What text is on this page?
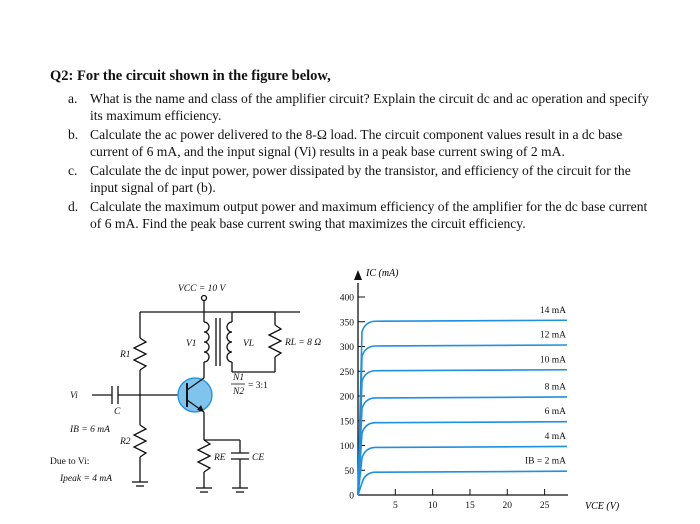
Q2: For the circuit shown in the figure below,
a. What is the name and class of the amplifier circuit? Explain the circuit dc and ac operation and specify its maximum efficiency.
b. Calculate the ac power delivered to the 8-Ω load. The circuit component values result in a dc base current of 6 mA, and the input signal (Vi) results in a peak base current swing of 2 mA.
c. Calculate the dc input power, power dissipated by the transistor, and efficiency of the circuit for the input signal of part (b).
d. Calculate the maximum output power and maximum efficiency of the amplifier for the dc base current of 6 mA. Find the peak base current swing that maximizes the circuit efficiency.
VCC = 10 V
Vi
C
R1
R2
IB = 6 mA
Due to Vi:
Ipeak = 4 mA
V1	VL	RL = 8 Ω
N1
N2
= 3:1
RE	CE
IC (mA)
VCE (V)
400
350
300
250
200
150
100
50
0
5	10	15	20	25
14 mA
12 mA
10 mA
8 mA
6 mA
4 mA
IB = 2 mA
